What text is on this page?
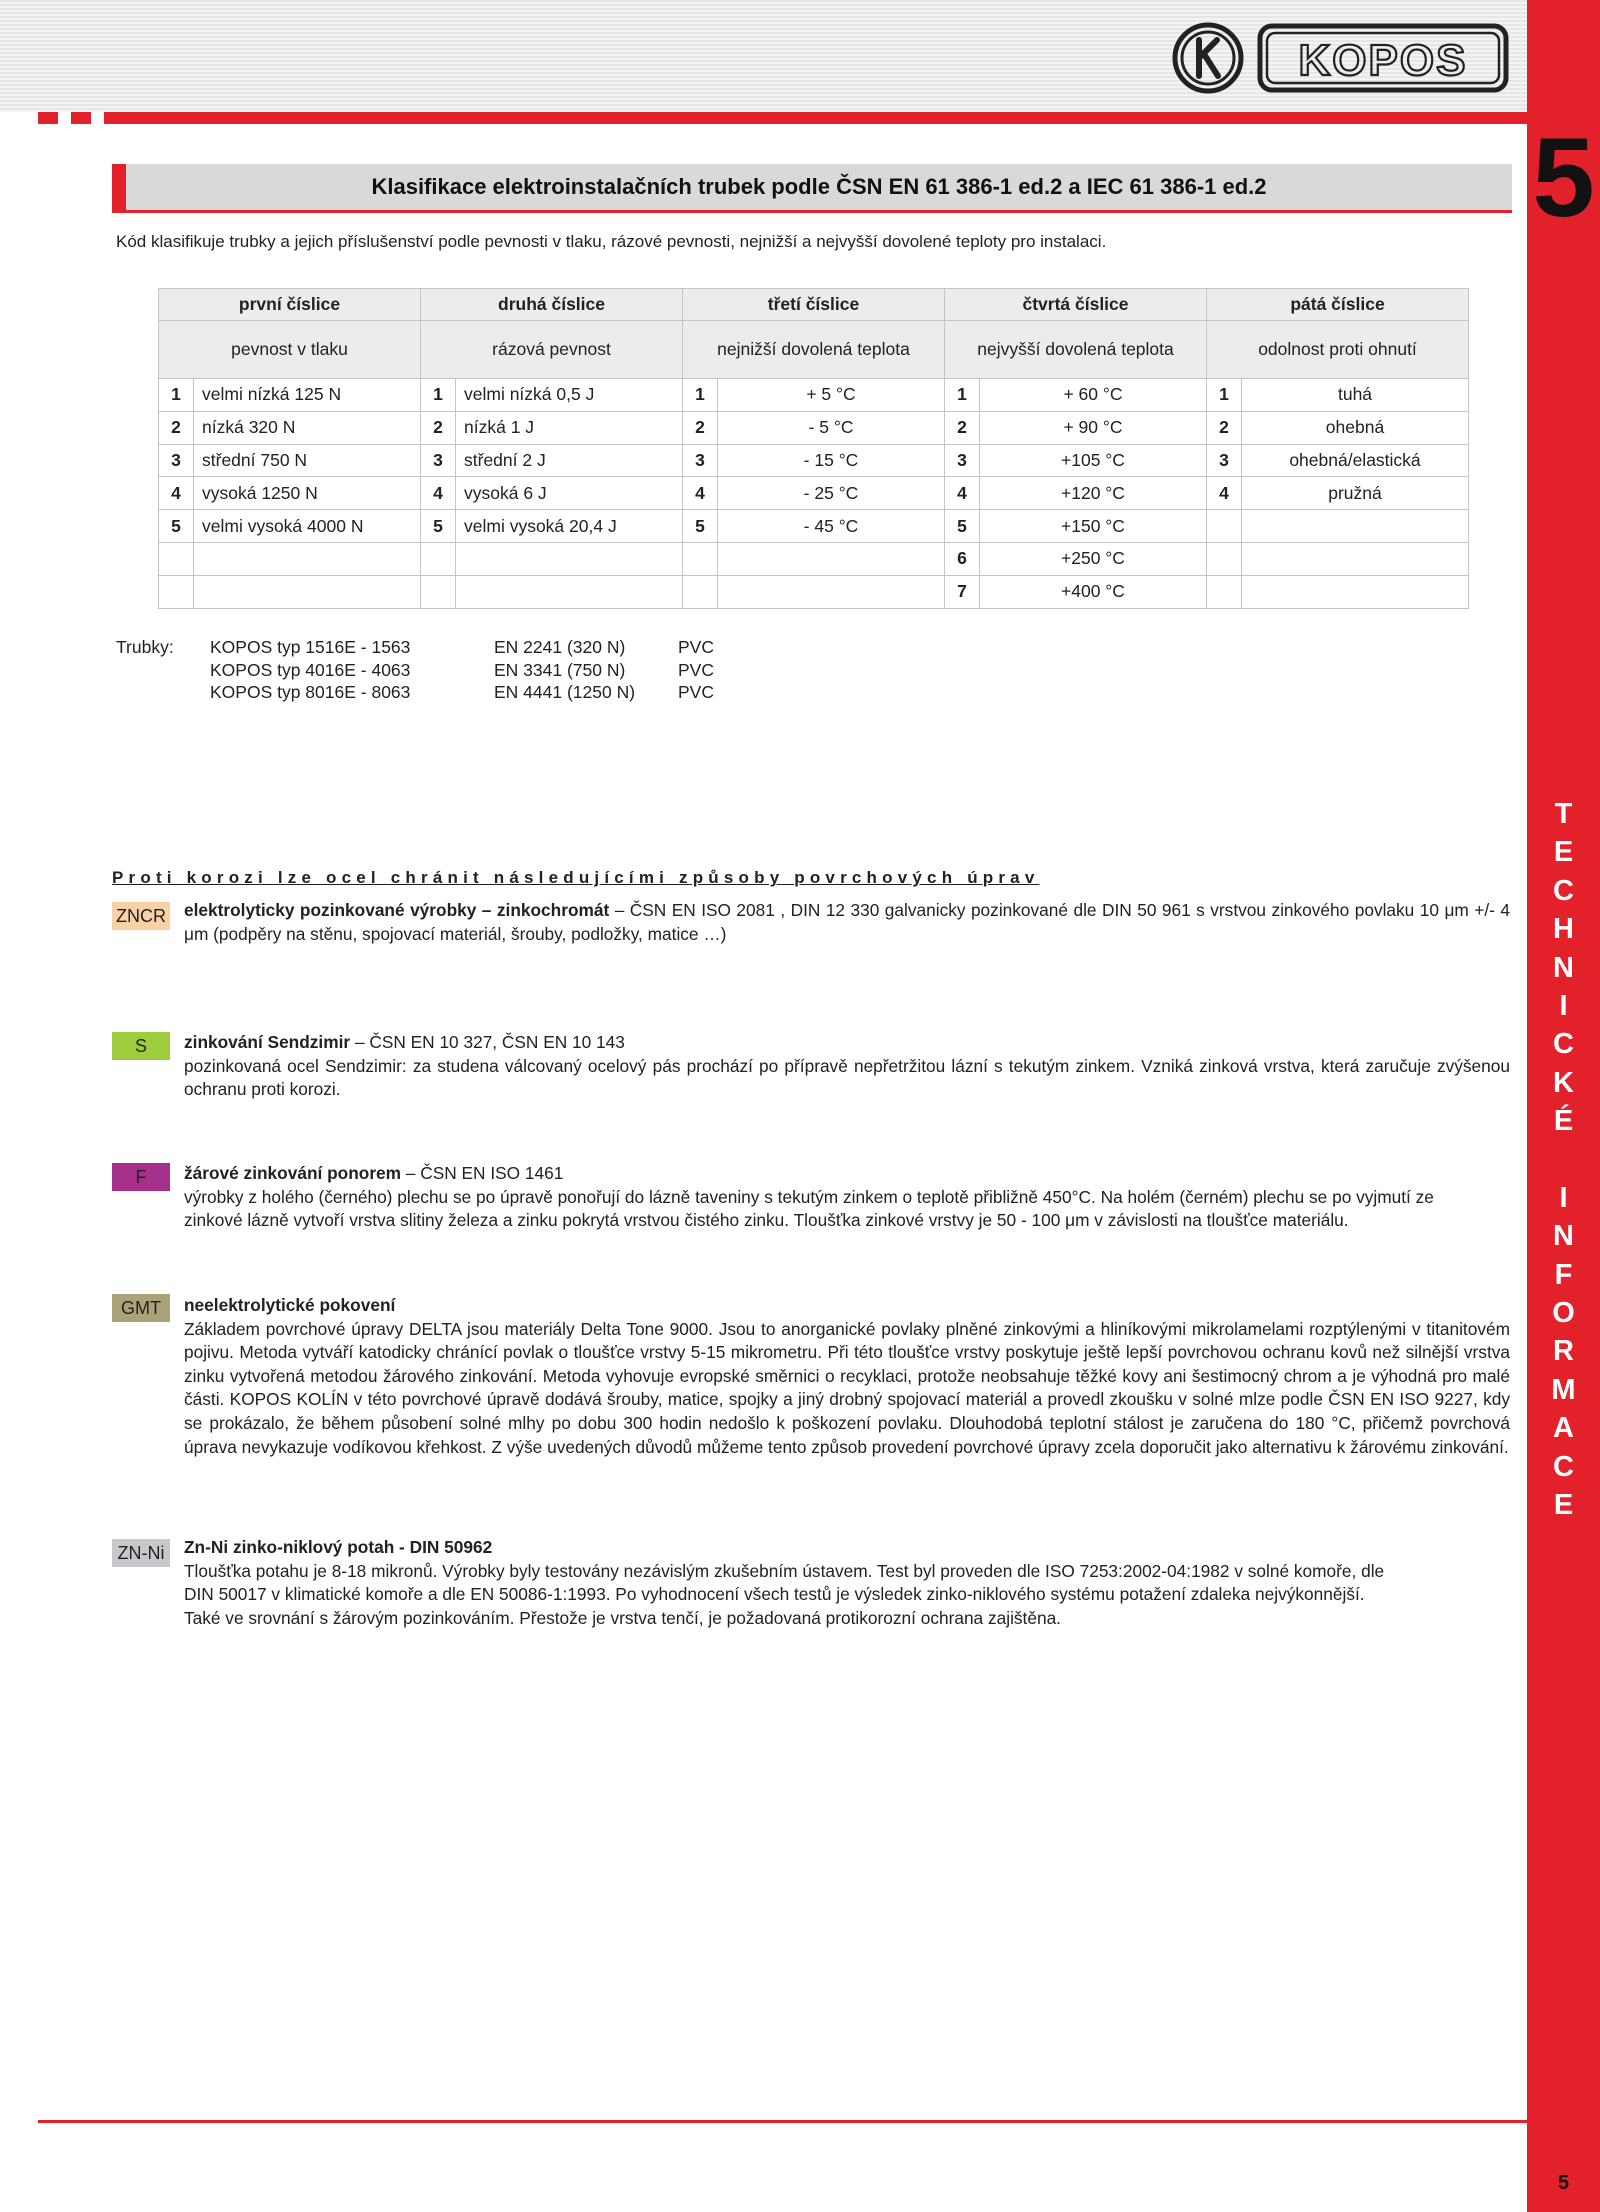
KOPOS
5
T
E
C
H
N
I
C
K
É
I
N
F
O
R
M
A
C
E
5
Klasifikace elektroinstalačních trubek podle ČSN EN 61 386-1 ed.2 a IEC 61 386-1 ed.2
Kód klasifikuje trubky a jejich příslušenství podle pevnosti v tlaku, rázové pevnosti, nejnižší a nejvyšší dovolené teploty pro instalaci.
první číslice		druhá číslice		třetí číslice		čtvrtá číslice		pátá číslice	
pevnost v tlaku		rázová pevnost		nejnižší dovolená teplota		nejvyšší dovolená teplota		odolnost proti ohnutí	
1	velmi nízká 125 N	1	velmi nízká 0,5 J	1	+ 5 °C	1	+ 60 °C	1	tuhá
2	nízká 320 N	2	nízká 1 J	2	- 5 °C	2	+ 90 °C	2	ohebná
3	střední 750 N	3	střední 2 J	3	- 15 °C	3	+105 °C	3	ohebná/elastická
4	vysoká 1250 N	4	vysoká 6 J	4	- 25 °C	4	+120 °C	4	pružná
5	velmi vysoká 4000 N	5	velmi vysoká 20,4 J	5	- 45 °C	5	+150 °C		
						6	+250 °C		
						7	+400 °C		
Trubky: KOPOS typ 1516E - 1563	EN 2241 (320 N)	PVC
KOPOS typ 4016E - 4063	EN 3341 (750 N)	PVC
KOPOS typ 8016E - 8063	EN 4441 (1250 N) PVC
Proti korozi lze ocel chránit následujícími způsoby povrchových úprav
ZNCR elektrolyticky pozinkované výrobky – zinkochromát – ČSN EN ISO 2081 , DIN 12 330 galvanicky pozinkované dle DIN 50 961 s vrstvou zinkového povlaku 10 μm +/- 4 μm (podpěry na stěnu, spojovací materiál, šrouby, podložky, matice …)

S	zinkování Sendzimir – ČSN EN 10 327, ČSN EN 10 143

pozinkovaná ocel Sendzimir: za studena válcovaný ocelový pás prochází po přípravě nepřetržitou lázní s tekutým zinkem. Vzniká zinková vrstva, která zaručuje zvýšenou ochranu proti korozi.

F	žárové zinkování ponorem – ČSN EN ISO 1461

výrobky z holého (černého) plechu se po úpravě ponořují do lázně taveniny s tekutým zinkem o teplotě přibližně 450°C. Na holém (černém) plechu se po vyjmutí ze

zinkové lázně vytvoří vrstva slitiny železa a zinku pokrytá vrstvou čistého zinku. Tloušťka zinkové vrstvy je 50 - 100 μm v závislosti na tloušťce materiálu.

GMT	neelektrolytické pokovení

Základem povrchové úpravy DELTA jsou materiály Delta Tone 9000. Jsou to anorganické povlaky plněné zinkovými a hliníkovými mikrolamelami rozptýlenými v titanitovém pojivu. Metoda vytváří katodicky chránící povlak o tloušťce vrstvy 5-15 mikrometru. Při této tloušťce vrstvy poskytuje ještě lepší povrchovou ochranu kovů než silnější vrstva zinku vytvořená metodou žárového zinkování. Metoda vyhovuje evropské směrnici o recyklaci, protože neobsahuje těžké kovy ani šestimocný chrom a je výhodná pro malé části. KOPOS KOLÍN v této povrchové úpravě dodává šrouby, matice, spojky a jiný drobný spojovací materiál a provedl zkoušku v solné mlze podle ČSN EN ISO 9227, kdy se prokázalo, že během působení solné mlhy po dobu 300 hodin nedošlo k poškození povlaku. Dlouhodobá teplotní stálost je zaručena do 180 °C, přičemž povrchová úprava nevykazuje vodíkovou křehkost. Z výše uvedených důvodů můžeme tento způsob provedení povrchové úpravy zcela doporučit jako alternativu k žárovému zinkování.

ZN-Ni	Zn-Ni zinko-niklový potah - DIN 50962

Tloušťka potahu je 8-18 mikronů. Výrobky byly testovány nezávislým zkušebním ústavem. Test byl proveden dle ISO 7253:2002-04:1982 v solné komoře, dle

DIN 50017 v klimatické komoře a dle EN 50086-1:1993. Po vyhodnocení všech testů je výsledek zinko-niklového systému potažení zdaleka nejvýkonnější.

Také ve srovnání s žárovým pozinkováním. Přestože je vrstva tenčí, je požadovaná protikorozní ochrana zajištěna.
